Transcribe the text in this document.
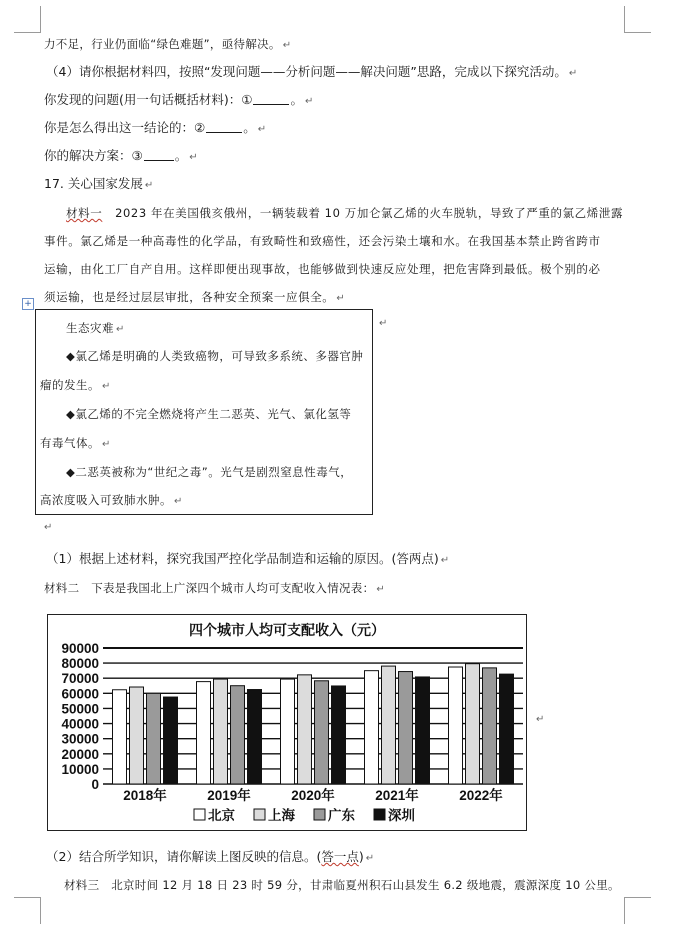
力不足，行业仍面临“绿色难题”，亟待解决。 ↵
（4）请你根据材料四，按照“发现问题——分析问题——解决问题”思路，完成以下探究活动。 ↵
你发现的问题(用一句话概括材料)：①	。 ↵
你是怎么得出这一结论的：②	。 ↵
你的解决方案：③	。 ↵
17. 关心国家发展 ↵
材料一 2023 年在美国俄亥俄州，一辆装载着 10 万加仑氯乙烯的火车脱轨，导致了严重的氯乙烯泄露
事件。氯乙烯是一种高毒性的化学品，有致畸性和致癌性，还会污染土壤和水。在我国基本禁止跨省跨市
运输，由化工厂自产自用。这样即便出现事故，也能够做到快速反应处理，把危害降到最低。极个别的必
须运输，也是经过层层审批，各种安全预案一应俱全。 ↵
+
生态灾难 ↵
◆氯乙烯是明确的人类致癌物，可导致多系统、多器官肿
瘤的发生。 ↵
◆氯乙烯的不完全燃烧将产生二恶英、光气、氯化氢等
有毒气体。 ↵
◆二恶英被称为“世纪之毒”。光气是剧烈窒息性毒气，
高浓度吸入可致肺水肿。 ↵
↵
↵
（1）根据上述材料，探究我国严控化学品制造和运输的原因。(答两点) ↵
材料二　下表是我国北上广深四个城市人均可支配收入情况表： ↵
四个城市人均可支配收入（元）
90000
80000
70000
60000
50000
40000
30000
20000
10000
0
2018年	2019年	2020年	2021年	2022年
北京 上海 广东 深圳
↵
（2）结合所学知识，请你解读上图反映的信息。(答一点) ↵
材料三　北京时间 12 月 18 日 23 时 59 分，甘肃临夏州积石山县发生 6.2 级地震，震源深度 10 公里。
